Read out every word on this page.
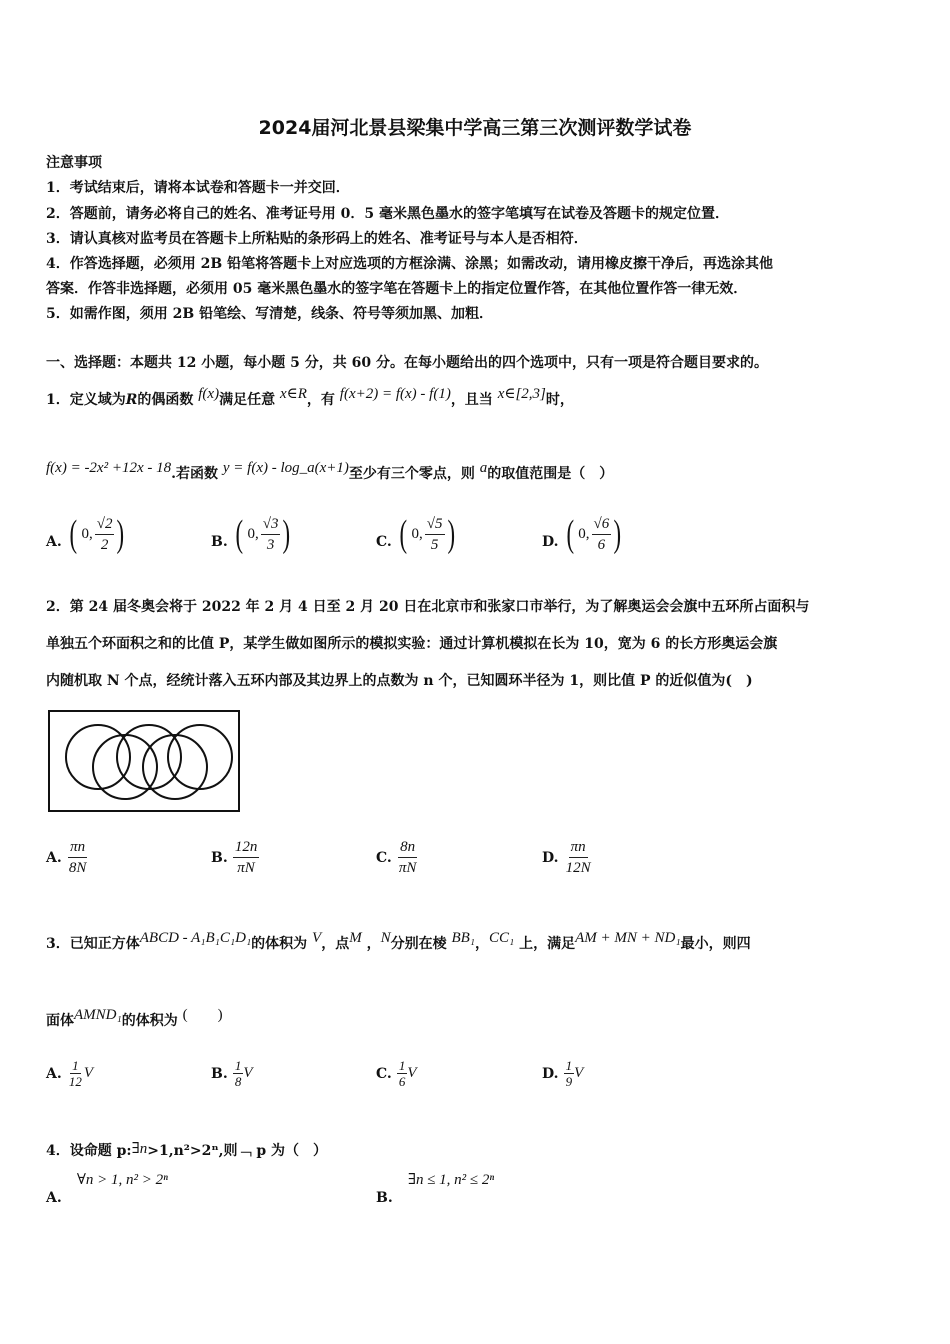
2024届河北景县梁集中学高三第三次测评数学试卷
注意事项
1．考试结束后，请将本试卷和答题卡一并交回．
2．答题前，请务必将自己的姓名、准考证号用 0．5 毫米黑色墨水的签字笔填写在试卷及答题卡的规定位置．
3．请认真核对监考员在答题卡上所粘贴的条形码上的姓名、准考证号与本人是否相符．
4．作答选择题，必须用 2B 铅笔将答题卡上对应选项的方框涂满、涂黑；如需改动，请用橡皮擦干净后，再选涂其他
答案．作答非选择题，必须用 05 毫米黑色墨水的签字笔在答题卡上的指定位置作答，在其他位置作答一律无效．
5．如需作图，须用 2B 铅笔绘、写清楚，线条、符号等须加黑、加粗．
一、选择题：本题共 12 小题，每小题 5 分，共 60 分。在每小题给出的四个选项中，只有一项是符合题目要求的。
1．定义域为R的偶函数 f(x)满足任意 x∈R，有 f(x+2) = f(x) - f(1)，且当 x∈[2,3]时，
f(x) = -2x² +12x - 18.若函数 y = f(x) - log_a(x+1)至少有三个零点，则 a的取值范围是（　）
A. ( 0, $\frac{√2}{2}$ )	B. ( 0, $\frac{√3}{3}$ )	C. ( 0, $\frac{√5}{5}$ )	D. ( 0, $\frac{√6}{6}$ )
2．第 24 届冬奥会将于 2022 年 2 月 4 日至 2 月 20 日在北京市和张家口市举行，为了解奥运会会旗中五环所占面积与
单独五个环面积之和的比值 P，某学生做如图所示的模拟实验：通过计算机模拟在长为 10，宽为 6 的长方形奥运会旗
内随机取 N 个点，经统计落入五环内部及其边界上的点数为 n 个，已知圆环半径为 1，则比值 P 的近似值为(　)
A. $\frac{\pi n}{8N}$	B. $\frac{12n}{\pi N}$	C. $\frac{8n}{\pi N}$	D. $\frac{\pi n}{12N}$
3．已知正方体ABCD - A₁B₁C₁D₁的体积为 V，点M ，N分别在棱 BB₁，CC₁ 上，满足AM + MN + ND₁最小，则四
面体AMND₁的体积为 (　　)
A. $\frac{1}{12}$ V	B. $\frac{1}{8}$ V	C. $\frac{1}{6}$ V	D. $\frac{1}{9}$ V
4．设命题 p:∃n>1,n²>2ⁿ,则﹁ p 为（　）
A. ∀n > 1, n² > 2ⁿ
B. ∃n ≤ 1, n² ≤ 2ⁿ
